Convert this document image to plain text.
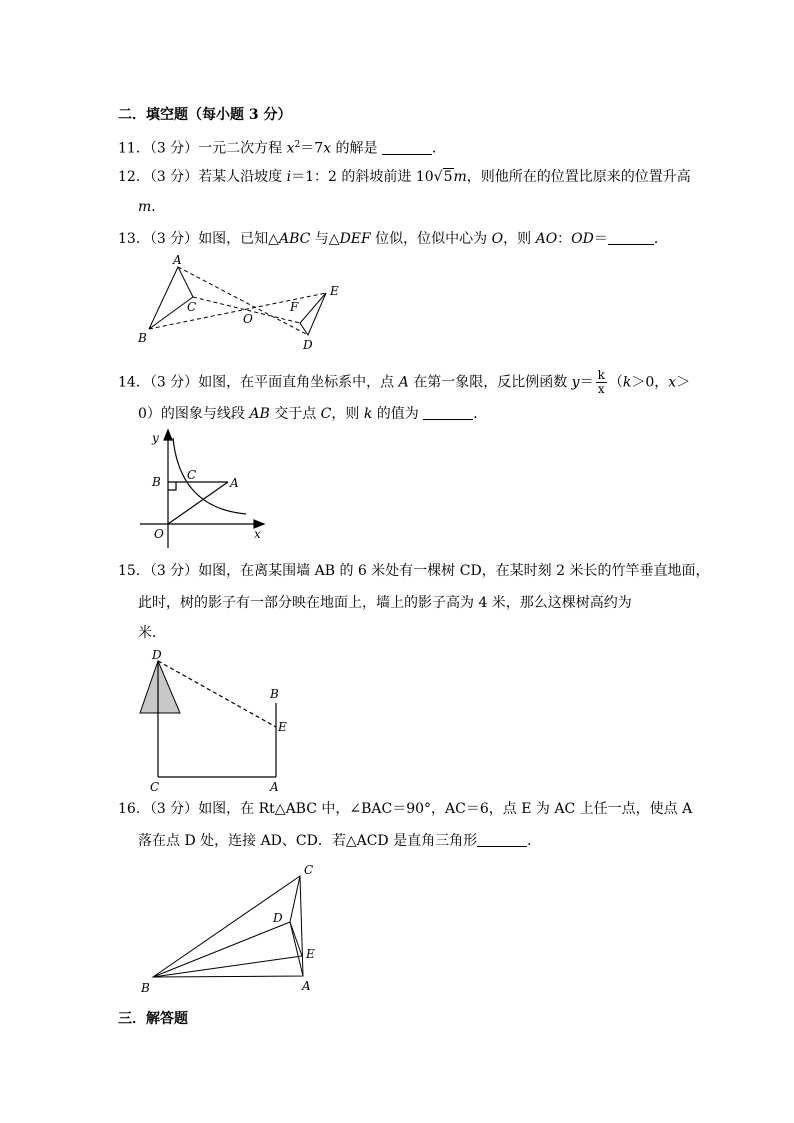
二．填空题（每小题 3 分）
11．（3 分）一元二次方程 $x^2=7x$ 的解是	．
12．（3 分）若某人沿坡度 i＝1：2 的斜坡前进 10√5m，则他所在的位置比原来的位置升高
m．
13．（3 分）如图，已知△ABC 与△DEF 位似，位似中心为 O，则 AO：OD＝	．
A
B
C
O
F
E
D
14．（3 分）如图，在平面直角坐标系中，点 A 在第一象限，反比例函数 $y= \frac{k}{x} (k>0$，x＞
0）的图象与线段 AB 交于点 C，则 k 的值为	．
y
x
O
B C
A
15．（3 分）如图，在离某围墙 AB 的 6 米处有一棵树 CD，在某时刻 2 米长的竹竿垂直地面，
此时，树的影子有一部分映在地面上，墙上的影子高为 4 米，那么这棵树高约为
米．
D
B
E
C	A
16．（3 分）如图，在 Rt△ABC 中，∠BAC＝90°，AC＝6，点 E 为 AC 上任一点，使点 A
落在点 D 处，连接 AD、CD．若△ACD 是直角三角形	．
C
D
E
B	A
三．解答题
